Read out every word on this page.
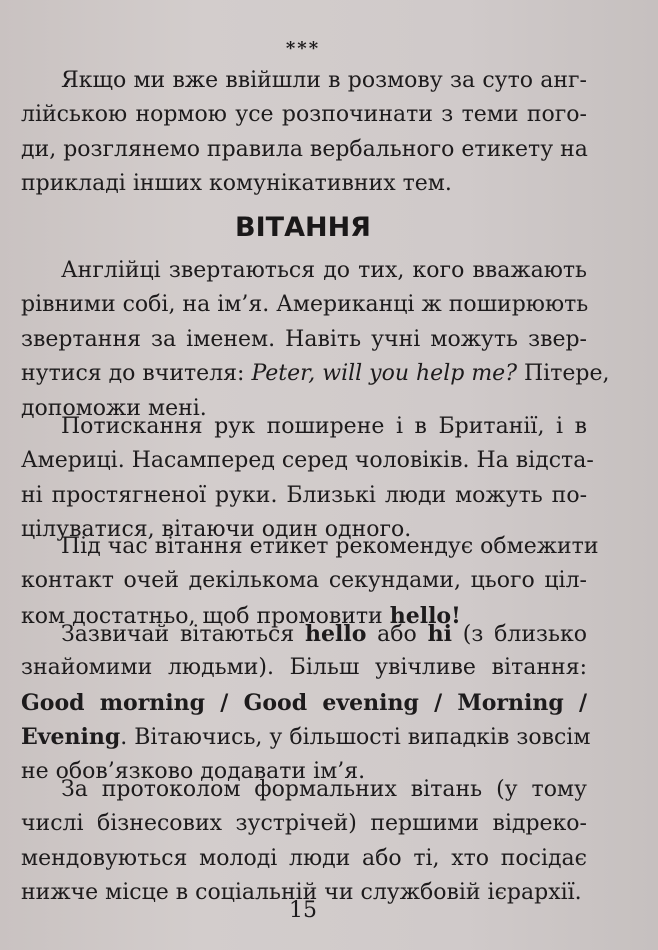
***
Якщо ми вже ввійшли в розмову за суто анг-
лійською нормою усе розпочинати з теми пого-
ди, розглянемо правила вербального етикету на
прикладі інших комунікативних тем.
ВІТАННЯ
Англійці звертаються до тих, кого вважають
рівними собі, на ім’я. Американці ж поширюють
звертання за іменем. Навіть учні можуть звер-
нутися до вчителя: Peter, will you help me? Пітере,
допоможи мені.
Потискання рук поширене і в Британії, і в
Америці. Насамперед серед чоловіків. На відста-
ні простягненої руки. Близькі люди можуть по-
цілуватися, вітаючи один одного.
Під час вітання етикет рекомендує обмежити
контакт очей декількома секундами, цього ціл-
ком достатньо, щоб промовити hello!
Зазвичай вітаються hello або hi (з близько
знайомими людьми). Більш увічливе вітання:
Good morning / Good evening / Morning /
Evening. Вітаючись, у більшості випадків зовсім
не обов’язково додавати ім’я.
За протоколом формальних вітань (у тому
числі бізнесових зустрічей) першими відреко-
мендовуються молоді люди або ті, хто посідає
нижче місце в соціальній чи службовій ієрархії.
15
